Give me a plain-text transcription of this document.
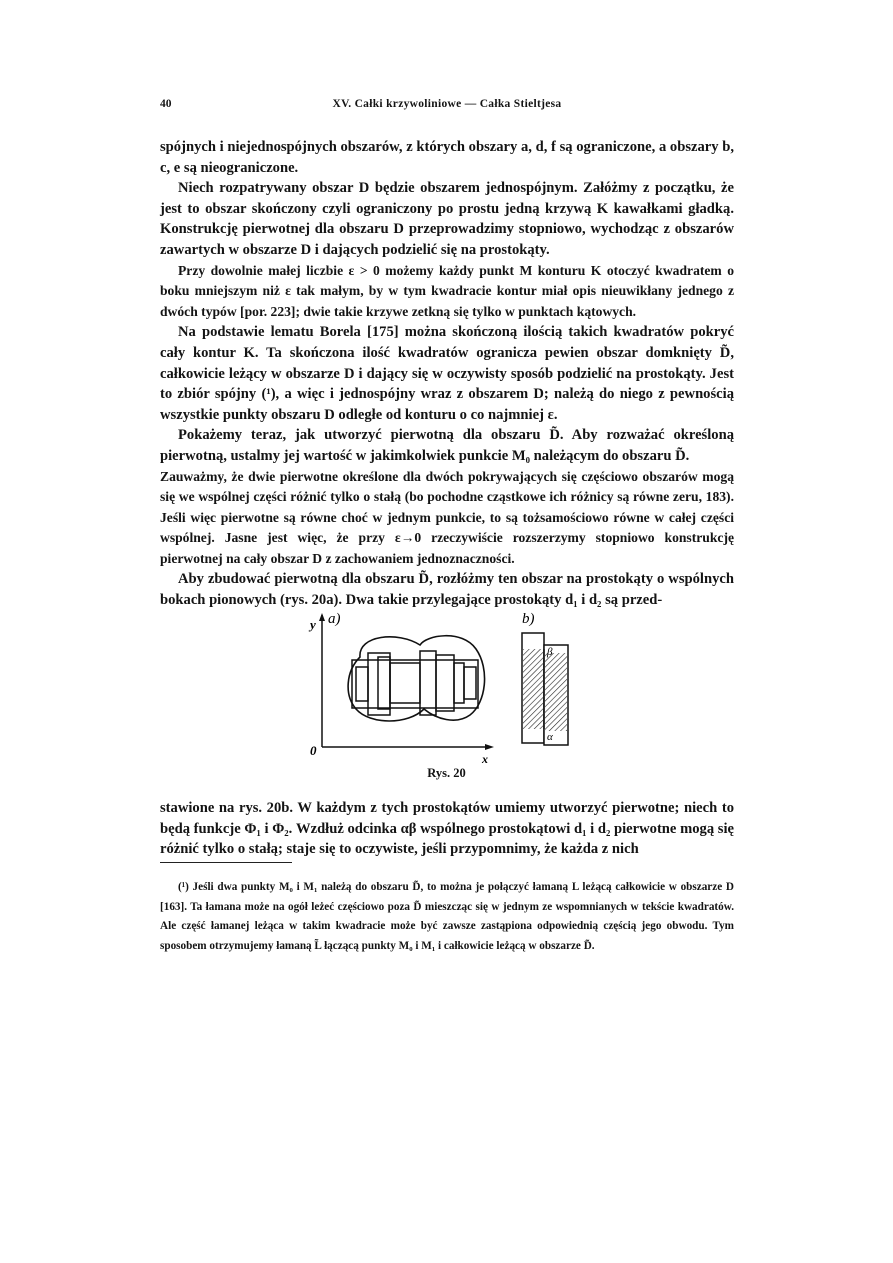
40	XV. Całki krzywoliniowe — Całka Stieltjesa

spójnych i niejednospójnych obszarów, z których obszary a, d, f są ograniczone, a obszary b, c, e są nieograniczone.

Niech rozpatrywany obszar D będzie obszarem jednospójnym. Załóżmy z początku, że jest to obszar skończony czyli ograniczony po prostu jedną krzywą K kawałkami gładką. Konstrukcję pierwotnej dla obszaru D przeprowadzimy stopniowo, wychodząc z obszarów zawartych w obszarze D i dających podzielić się na prostokąty.

Przy dowolnie małej liczbie ε > 0 możemy każdy punkt M konturu K otoczyć kwadratem o boku mniejszym niż ε tak małym, by w tym kwadracie kontur miał opis nieuwikłany jednego z dwóch typów [por. 223]; dwie takie krzywe zetkną się tylko w punktach kątowych.

Na podstawie lematu Borela [175] można skończoną ilością takich kwadratów pokryć cały kontur K. Ta skończona ilość kwadratów ogranicza pewien obszar domknięty D̃, całkowicie leżący w obszarze D i dający się w oczywisty sposób podzielić na prostokąty. Jest to zbiór spójny (¹), a więc i jednospójny wraz z obszarem D; należą do niego z pewnością wszystkie punkty obszaru D odległe od konturu o co najmniej ε.

Pokażemy teraz, jak utworzyć pierwotną dla obszaru D̃. Aby rozważać określoną pierwotną, ustalmy jej wartość w jakimkolwiek punkcie M₀ należącym do obszaru D̃.

Zauważmy, że dwie pierwotne określone dla dwóch pokrywających się częściowo obszarów mogą się we wspólnej części różnić tylko o stałą (bo pochodne cząstkowe ich różnicy są równe zeru, 183). Jeśli więc pierwotne są równe choć w jednym punkcie, to są tożsamościowo równe w całej części wspólnej. Jasne jest więc, że przy ε→0 rzeczywiście rozszerzymy stopniowo konstrukcję pierwotnej na cały obszar D z zachowaniem jednoznaczności.

Aby zbudować pierwotną dla obszaru D̃, rozłóżmy ten obszar na prostokąty o wspólnych bokach pionowych (rys. 20a). Dwa takie przylegające prostokąty d₁ i d₂ są przed-

a)
y
0
x
b)
β
α
Rys. 20

stawione na rys. 20b. W każdym z tych prostokątów umiemy utworzyć pierwotne; niech to będą funkcje Φ₁ i Φ₂. Wzdłuż odcinka αβ wspólnego prostokątowi d₁ i d₂ pierwotne mogą się różnić tylko o stałą; staje się to oczywiste, jeśli przypomnimy, że każda z nich

(¹) Jeśli dwa punkty M₀ i M₁ należą do obszaru D̃, to można je połączyć łamaną L leżącą całkowicie w obszarze D [163]. Ta łamana może na ogół leżeć częściowo poza D̃ mieszcząc się w jednym ze wspomnianych w tekście kwadratów. Ale część łamanej leżąca w takim kwadracie może być zawsze zastąpiona odpowiednią częścią jego obwodu. Tym sposobem otrzymujemy łamaną L̃ łączącą punkty M₀ i M₁ i całkowicie leżącą w obszarze D̃.
